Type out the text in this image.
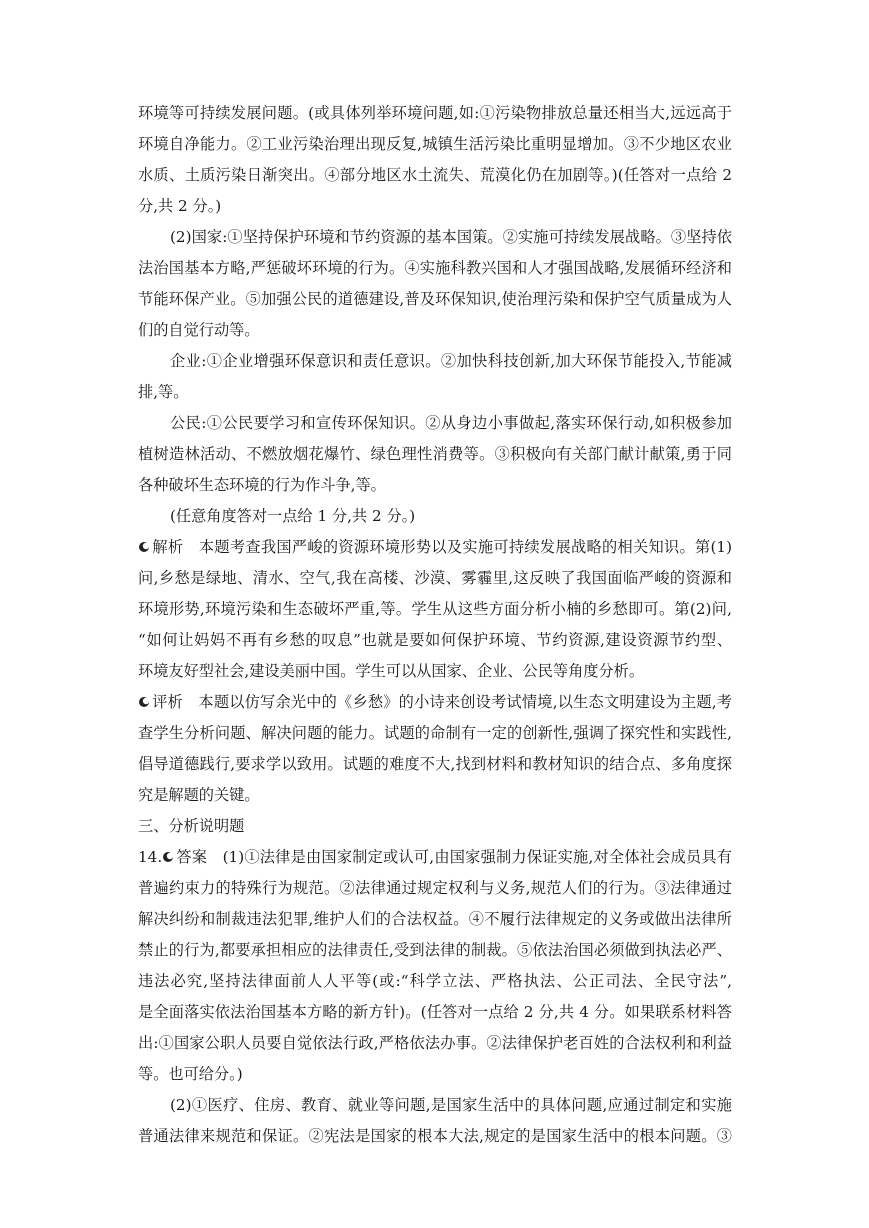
环境等可持续发展问题。(或具体列举环境问题,如:①污染物排放总量还相当大,远远高于
环境自净能力。②工业污染治理出现反复,城镇生活污染比重明显增加。③不少地区农业
水质、土质污染日渐突出。④部分地区水土流失、荒漠化仍在加剧等。)(任答对一点给 2
分,共 2 分。)
(2)国家:①坚持保护环境和节约资源的基本国策。②实施可持续发展战略。③坚持依
法治国基本方略,严惩破坏环境的行为。④实施科教兴国和人才强国战略,发展循环经济和
节能环保产业。⑤加强公民的道德建设,普及环保知识,使治理污染和保护空气质量成为人
们的自觉行动等。
企业:①企业增强环保意识和责任意识。②加快科技创新,加大环保节能投入,节能减
排,等。
公民:①公民要学习和宣传环保知识。②从身边小事做起,落实环保行动,如积极参加
植树造林活动、不燃放烟花爆竹、绿色理性消费等。③积极向有关部门献计献策,勇于同
各种破坏生态环境的行为作斗争,等。
(任意角度答对一点给 1 分,共 2 分。)
解析　本题考查我国严峻的资源环境形势以及实施可持续发展战略的相关知识。第(1)
问,乡愁是绿地、清水、空气,我在高楼、沙漠、雾霾里,这反映了我国面临严峻的资源和
环境形势,环境污染和生态破坏严重,等。学生从这些方面分析小楠的乡愁即可。第(2)问,
“如何让妈妈不再有乡愁的叹息”也就是要如何保护环境、节约资源,建设资源节约型、
环境友好型社会,建设美丽中国。学生可以从国家、企业、公民等角度分析。
评析　本题以仿写余光中的《乡愁》的小诗来创设考试情境,以生态文明建设为主题,考
查学生分析问题、解决问题的能力。试题的命制有一定的创新性,强调了探究性和实践性,
倡导道德践行,要求学以致用。试题的难度不大,找到材料和教材知识的结合点、多角度探
究是解题的关键。
三、分析说明题
14. 答案　(1)①法律是由国家制定或认可,由国家强制力保证实施,对全体社会成员具有
普遍约束力的特殊行为规范。②法律通过规定权利与义务,规范人们的行为。③法律通过
解决纠纷和制裁违法犯罪,维护人们的合法权益。④不履行法律规定的义务或做出法律所
禁止的行为,都要承担相应的法律责任,受到法律的制裁。⑤依法治国必须做到执法必严、
违法必究,坚持法律面前人人平等(或:“科学立法、严格执法、公正司法、全民守法”,
是全面落实依法治国基本方略的新方针)。(任答对一点给 2 分,共 4 分。如果联系材料答
出:①国家公职人员要自觉依法行政,严格依法办事。②法律保护老百姓的合法权利和利益
等。也可给分。)
(2)①医疗、住房、教育、就业等问题,是国家生活中的具体问题,应通过制定和实施
普通法律来规范和保证。②宪法是国家的根本大法,规定的是国家生活中的根本问题。③
